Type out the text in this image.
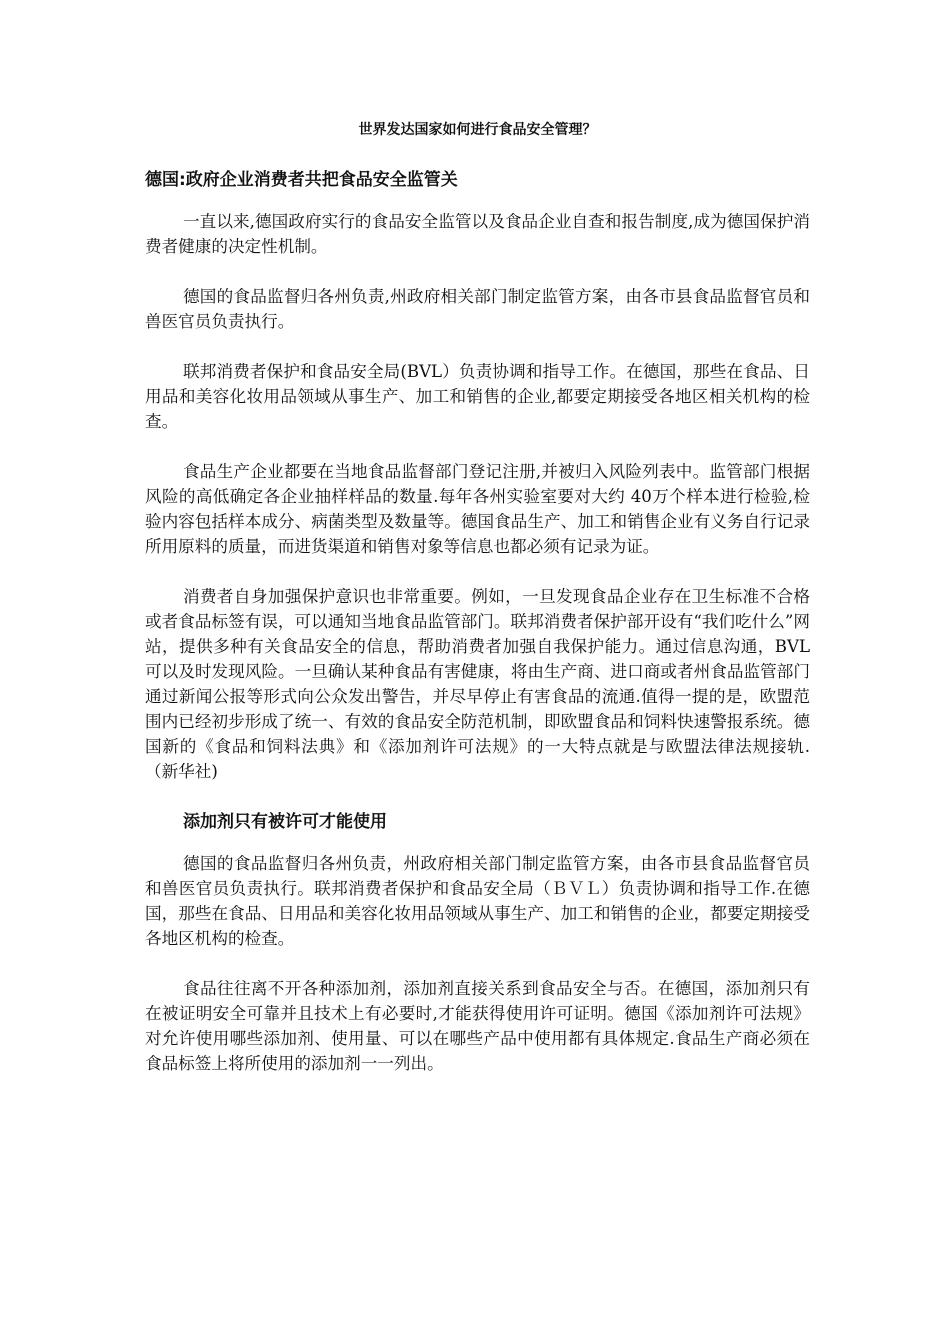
世界发达国家如何进行食品安全管理？
德国:政府企业消费者共把食品安全监管关

一直以来,德国政府实行的食品安全监管以及食品企业自查和报告制度,成为德国保护消费者健康的决定性机制。

德国的食品监督归各州负责,州政府相关部门制定监管方案，由各市县食品监督官员和兽医官员负责执行。

联邦消费者保护和食品安全局(BVL）负责协调和指导工作。在德国，那些在食品、日用品和美容化妆用品领域从事生产、加工和销售的企业,都要定期接受各地区相关机构的检查。

食品生产企业都要在当地食品监督部门登记注册,并被归入风险列表中。监管部门根据风险的高低确定各企业抽样样品的数量.每年各州实验室要对大约 40万个样本进行检验,检验内容包括样本成分、病菌类型及数量等。德国食品生产、加工和销售企业有义务自行记录所用原料的质量，而进货渠道和销售对象等信息也都必须有记录为证。

消费者自身加强保护意识也非常重要。例如，一旦发现食品企业存在卫生标准不合格或者食品标签有误，可以通知当地食品监管部门。联邦消费者保护部开设有“我们吃什么”网站，提供多种有关食品安全的信息，帮助消费者加强自我保护能力。通过信息沟通，BVL可以及时发现风险。一旦确认某种食品有害健康，将由生产商、进口商或者州食品监管部门通过新闻公报等形式向公众发出警告，并尽早停止有害食品的流通.值得一提的是，欧盟范围内已经初步形成了统一、有效的食品安全防范机制，即欧盟食品和饲料快速警报系统。德国新的《食品和饲料法典》和《添加剂许可法规》的一大特点就是与欧盟法律法规接轨.（新华社)

添加剂只有被许可才能使用

德国的食品监督归各州负责，州政府相关部门制定监管方案，由各市县食品监督官员和兽医官员负责执行。联邦消费者保护和食品安全局（ＢＶＬ）负责协调和指导工作.在德国，那些在食品、日用品和美容化妆用品领域从事生产、加工和销售的企业，都要定期接受各地区机构的检查。

食品往往离不开各种添加剂，添加剂直接关系到食品安全与否。在德国，添加剂只有在被证明安全可靠并且技术上有必要时,才能获得使用许可证明。德国《添加剂许可法规》对允许使用哪些添加剂、使用量、可以在哪些产品中使用都有具体规定.食品生产商必须在食品标签上将所使用的添加剂一一列出。
